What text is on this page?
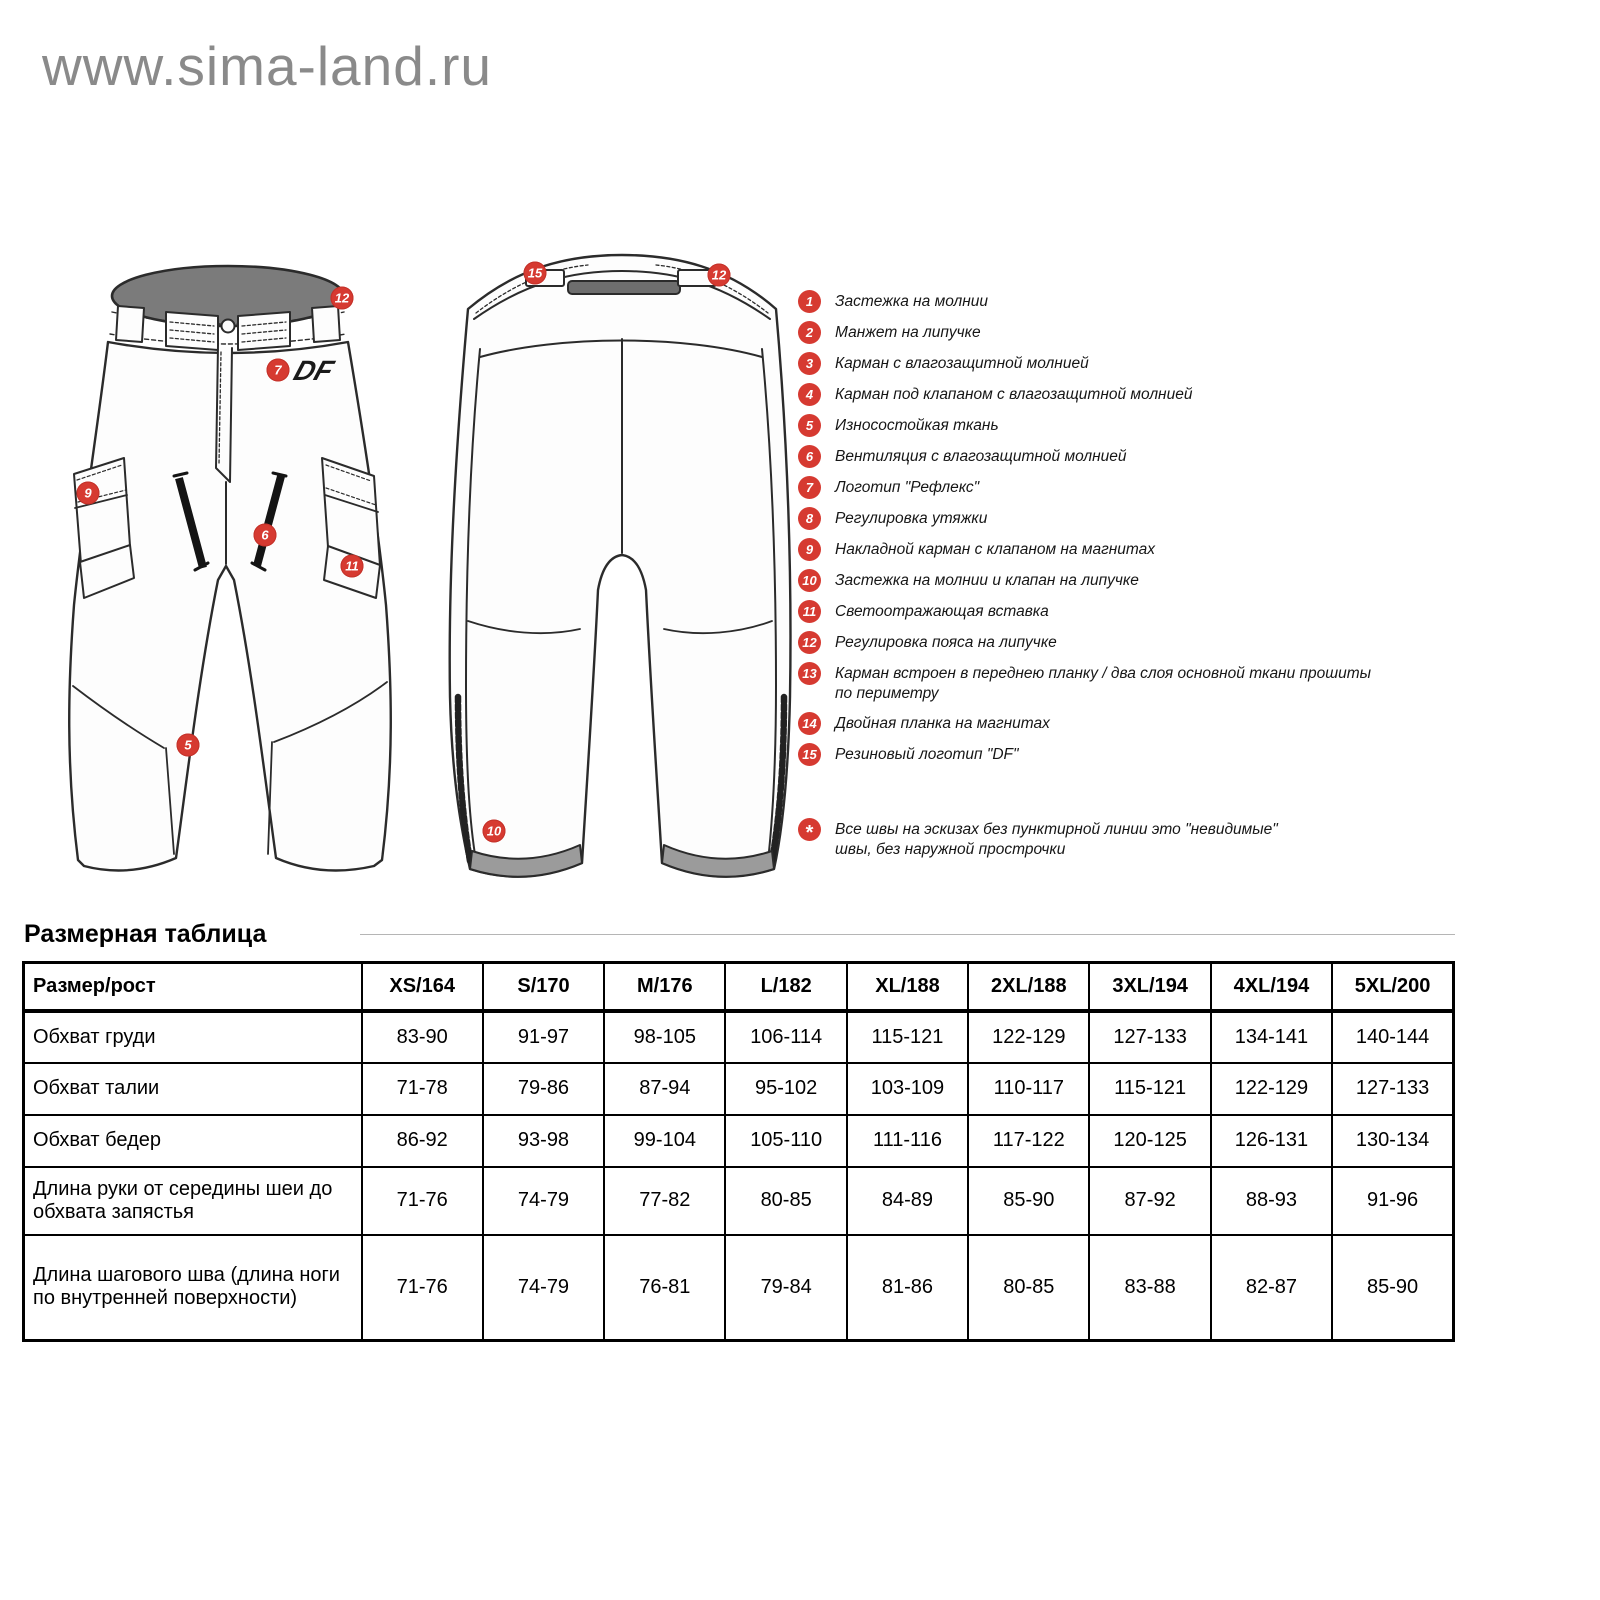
www.sima-land.ru
DF
12
7
9
6
11
5
15	12
10
1 Застежка на молнии
2 Манжет на липучке
3 Карман с влагозащитной молнией
4 Карман под клапаном с влагозащитной молнией
5 Износостойкая ткань
6 Вентиляция с влагозащитной молнией
7 Логотип "Рефлекс"
8 Регулировка утяжки
9 Накладной карман с клапаном на магнитах
10 Застежка на молнии и клапан на липучке
11 Светоотражающая вставка
12 Регулировка пояса на липучке
13 Карман встроен в переднею планку / два слоя основной ткани прошиты по периметру
14 Двойная планка на магнитах
15 Резиновый логотип "DF"
* Все швы на эскизах без пунктирной линии это "невидимые" швы, без наружной прострочки
Размерная таблица
Размер/рост	XS/164	S/170	M/176	L/182	XL/188	2XL/188	3XL/194	4XL/194	5XL/200
Обхват груди	83-90	91-97	98-105	106-114	115-121	122-129	127-133	134-141	140-144
Обхват талии	71-78	79-86	87-94	95-102	103-109	110-117	115-121	122-129	127-133
Обхват бедер	86-92	93-98	99-104	105-110	111-116	117-122	120-125	126-131	130-134
Длина руки от середины шеи до обхвата запястья	71-76	74-79	77-82	80-85	84-89	85-90	87-92	88-93	91-96
Длина шагового шва (длина ноги по внутренней поверхности)	71-76	74-79	76-81	79-84	81-86	80-85	83-88	82-87	85-90
